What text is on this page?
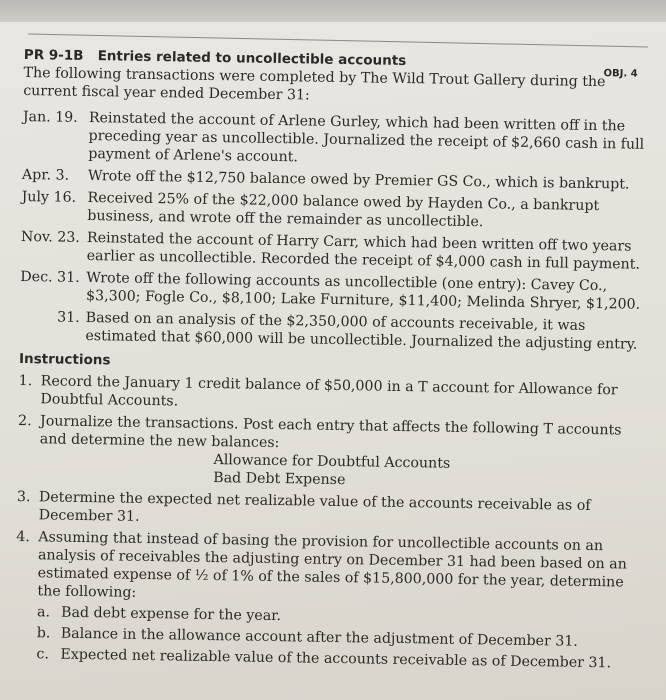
PR 9-1B Entries related to uncollectible accounts
OBJ. 4

The following transactions were completed by The Wild Trout Gallery during the current fiscal year ended December 31:

Jan. 19. Reinstated the account of Arlene Gurley, which had been written off in the preceding year as uncollectible. Journalized the receipt of $2,660 cash in full payment of Arlene's account.
Apr. 3.	Wrote off the $12,750 balance owed by Premier GS Co., which is bankrupt.
July 16. Received 25% of the $22,000 balance owed by Hayden Co., a bankrupt business, and wrote off the remainder as uncollectible.
Nov. 23. Reinstated the account of Harry Carr, which had been written off two years earlier as uncollectible. Recorded the receipt of $4,000 cash in full payment.
Dec. 31. Wrote off the following accounts as uncollectible (one entry): Cavey Co., $3,300; Fogle Co., $8,100; Lake Furniture, $11,400; Melinda Shryer, $1,200.
31. Based on an analysis of the $2,350,000 of accounts receivable, it was estimated that $60,000 will be uncollectible. Journalized the adjusting entry.
Instructions
1. Record the January 1 credit balance of $50,000 in a T account for Allowance for Doubtful Accounts.
2. Journalize the transactions. Post each entry that affects the following T accounts and determine the new balances:
Allowance for Doubtful Accounts
Bad Debt Expense
3. Determine the expected net realizable value of the accounts receivable as of December 31.
4. Assuming that instead of basing the provision for uncollectible accounts on an analysis of receivables the adjusting entry on December 31 had been based on an estimated expense of ½ of 1% of the sales of $15,800,000 for the year, determine the following:
a. Bad debt expense for the year.
b. Balance in the allowance account after the adjustment of December 31.
c. Expected net realizable value of the accounts receivable as of December 31.
